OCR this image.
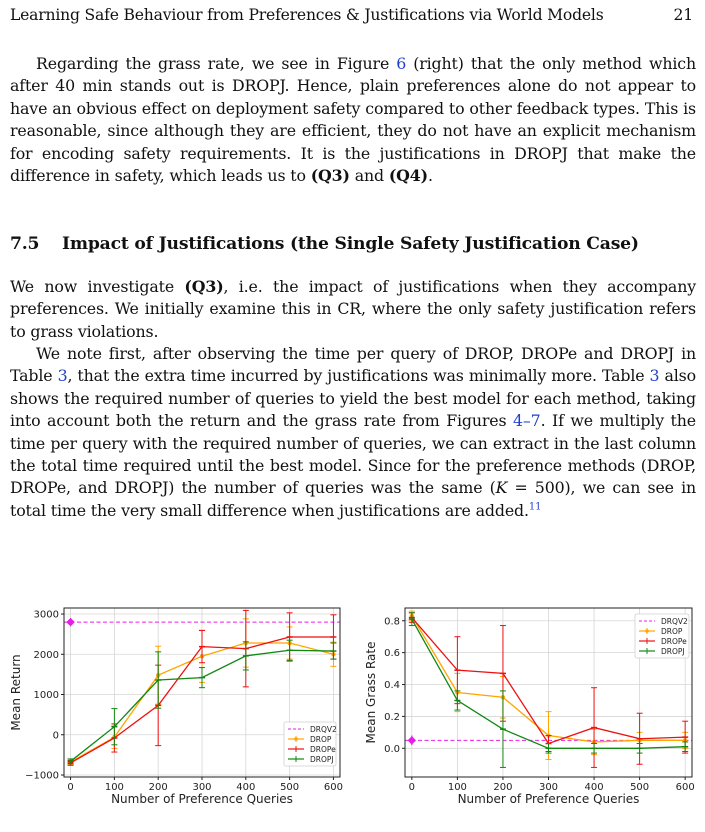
Learning Safe Behaviour from Preferences & Justifications via World Models	21

Regarding the grass rate, we see in Figure 6 (right) that the only method which after 40 min stands out is DROPJ. Hence, plain preferences alone do not appear to have an obvious effect on deployment safety compared to other feedback types. This is reasonable, since although they are efficient, they do not have an explicit mechanism for encoding safety requirements. It is the justifications in DROPJ that make the difference in safety, which leads us to (Q3) and (Q4).

7.5 Impact of Justifications (the Single Safety Justification Case)

We now investigate (Q3), i.e. the impact of justifications when they accompany preferences. We initially examine this in CR, where the only safety justification refers to grass violations.

We note first, after observing the time per query of DROP, DROPe and DROPJ in Table 3, that the extra time incurred by justifications was minimally more. Table 3 also shows the required number of queries to yield the best model for each method, taking into account both the return and the grass rate from Figures 4–7. If we multiply the time per query with the required number of queries, we can extract in the last column the total time required until the best model. Since for the preference methods (DROP, DROPe, and DROPJ) the number of queries was the same (K = 500), we can see in total time the very small difference when justifications are added.$^{11}$

0	100 200 300 400 500 600
−1000
0
1000
2000
3000
Number of Preference Queries
Mean Return	DRQV2
DROP
DROPe
DROPJ
0	100	200	300	400	500	600
0.0
0.2
0.4
0.6
0.8
Number of Preference Queries
Mean Grass Rate
DRQV2
DROP
DROPe
DROPJ
